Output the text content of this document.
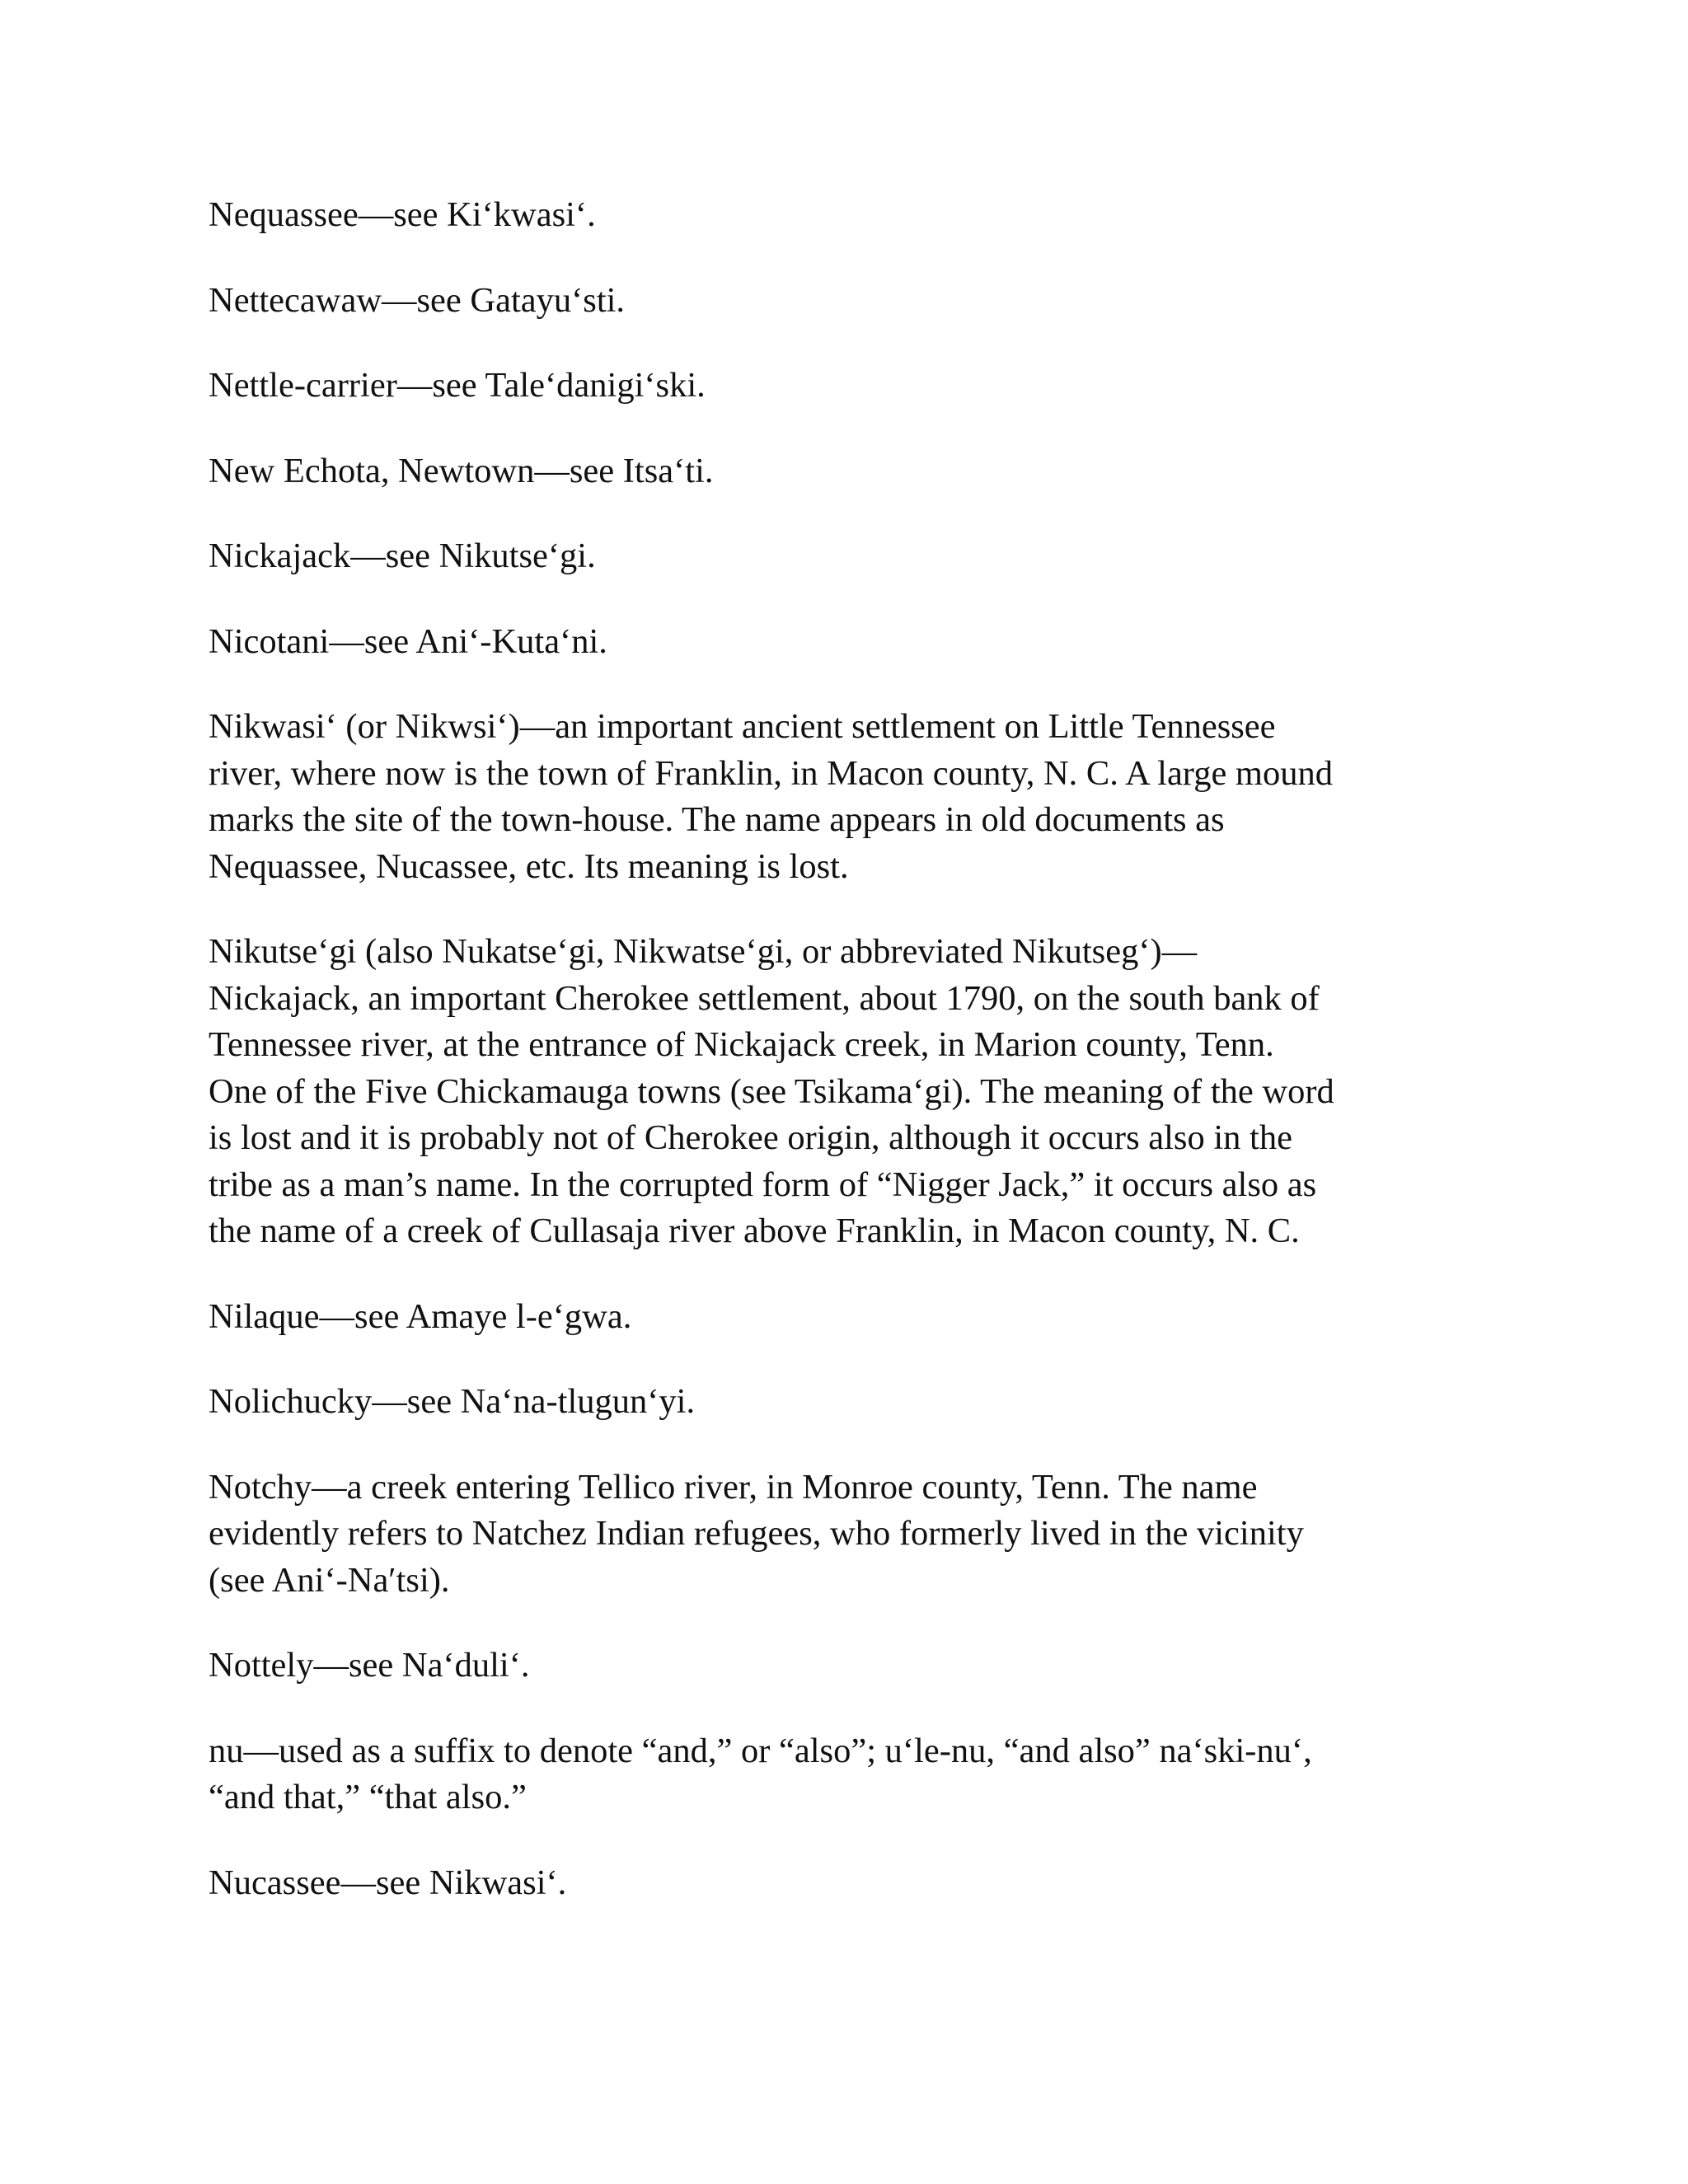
Nequassee—see Ki‘kwasi‘.

Nettecawaw—see Gatayu‘sti.

Nettle-carrier—see Tale‘danigi‘ski.

New Echota, Newtown—see Itsa‘ti.

Nickajack—see Nikutse‘gi.

Nicotani—see Ani‘-Kuta‘ni.

Nikwasi‘ (or Nikwsi‘)—an important ancient settlement on Little Tennessee
river, where now is the town of Franklin, in Macon county, N. C. A large mound
marks the site of the town-house. The name appears in old documents as
Nequassee, Nucassee, etc. Its meaning is lost.

Nikutse‘gi (also Nukatse‘gi, Nikwatse‘gi, or abbreviated Nikutseg‘)—
Nickajack, an important Cherokee settlement, about 1790, on the south bank of
Tennessee river, at the entrance of Nickajack creek, in Marion county, Tenn.
One of the Five Chickamauga towns (see Tsikama‘gi). The meaning of the word
is lost and it is probably not of Cherokee origin, although it occurs also in the
tribe as a man’s name. In the corrupted form of “Nigger Jack,” it occurs also as
the name of a creek of Cullasaja river above Franklin, in Macon county, N. C.

Nilaque—see Amaye l-e‘gwa.

Nolichucky—see Na‘na-tlugun‘yi.

Notchy—a creek entering Tellico river, in Monroe county, Tenn. The name
evidently refers to Natchez Indian refugees, who formerly lived in the vicinity
(see Ani‘-Na′tsi).

Nottely—see Na‘duli‘.

nu—used as a suffix to denote “and,” or “also”; u‘le-nu, “and also” na‘ski-nu‘,
“and that,” “that also.”

Nucassee—see Nikwasi‘.
